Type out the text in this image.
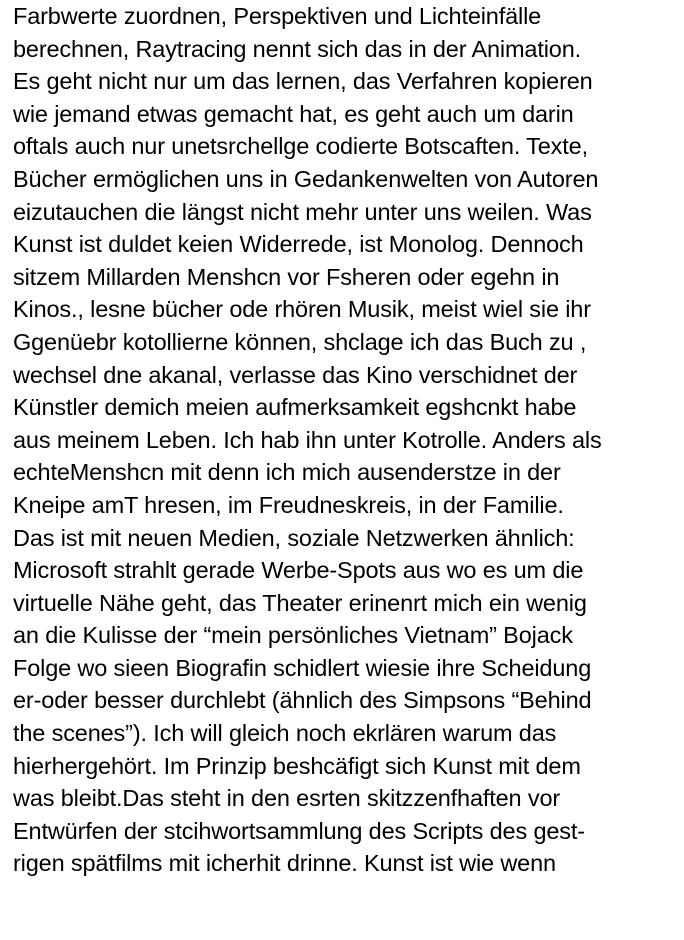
Farbwerte zuordnen, Perspektiven und Lichteinfälle
berechnen, Raytracing nennt sich das in der Animation.
Es geht nicht nur um das lernen, das Verfahren kopieren
wie jemand etwas gemacht hat, es geht auch um darin
oftals auch nur unetsrchellge codierte Botscaften. Texte,
Bücher ermöglichen uns in Gedankenwelten von Autoren
eizutauchen die längst nicht mehr unter uns weilen. Was
Kunst ist duldet keien Widerrede, ist Monolog. Dennoch
sitzem Millarden Menshcn vor Fsheren oder egehn in
Kinos., lesne bücher ode rhören Musik, meist wiel sie ihr
Ggenüebr kotollierne können, shclage ich das Buch zu ,
wechsel dne akanal, verlasse das Kino verschidnet der
Künstler demich meien aufmerksamkeit egshcnkt habe
aus meinem Leben. Ich hab ihn unter Kotrolle. Anders als
echteMenshcn mit denn ich mich ausenderstze in der
Kneipe amT hresen, im Freudneskreis, in der Familie.
Das ist mit neuen Medien, soziale Netzwerken ähnlich:
Microsoft strahlt gerade Werbe-Spots aus wo es um die
virtuelle Nähe geht, das Theater erinenrt mich ein wenig
an die Kulisse der “mein persönliches Vietnam” Bojack
Folge wo sieen Biografin schidlert wiesie ihre Scheidung
er-oder besser durchlebt (ähnlich des Simpsons “Behind
the scenes”). Ich will gleich noch ekrlären warum das
hierhergehört. Im Prinzip beshcäfigt sich Kunst mit dem
was bleibt.Das steht in den esrten skitzzenfhaften vor
Entwürfen der stcihwortsammlung des Scripts des gest-
rigen spätfilms mit icherhit drinne. Kunst ist wie wenn
